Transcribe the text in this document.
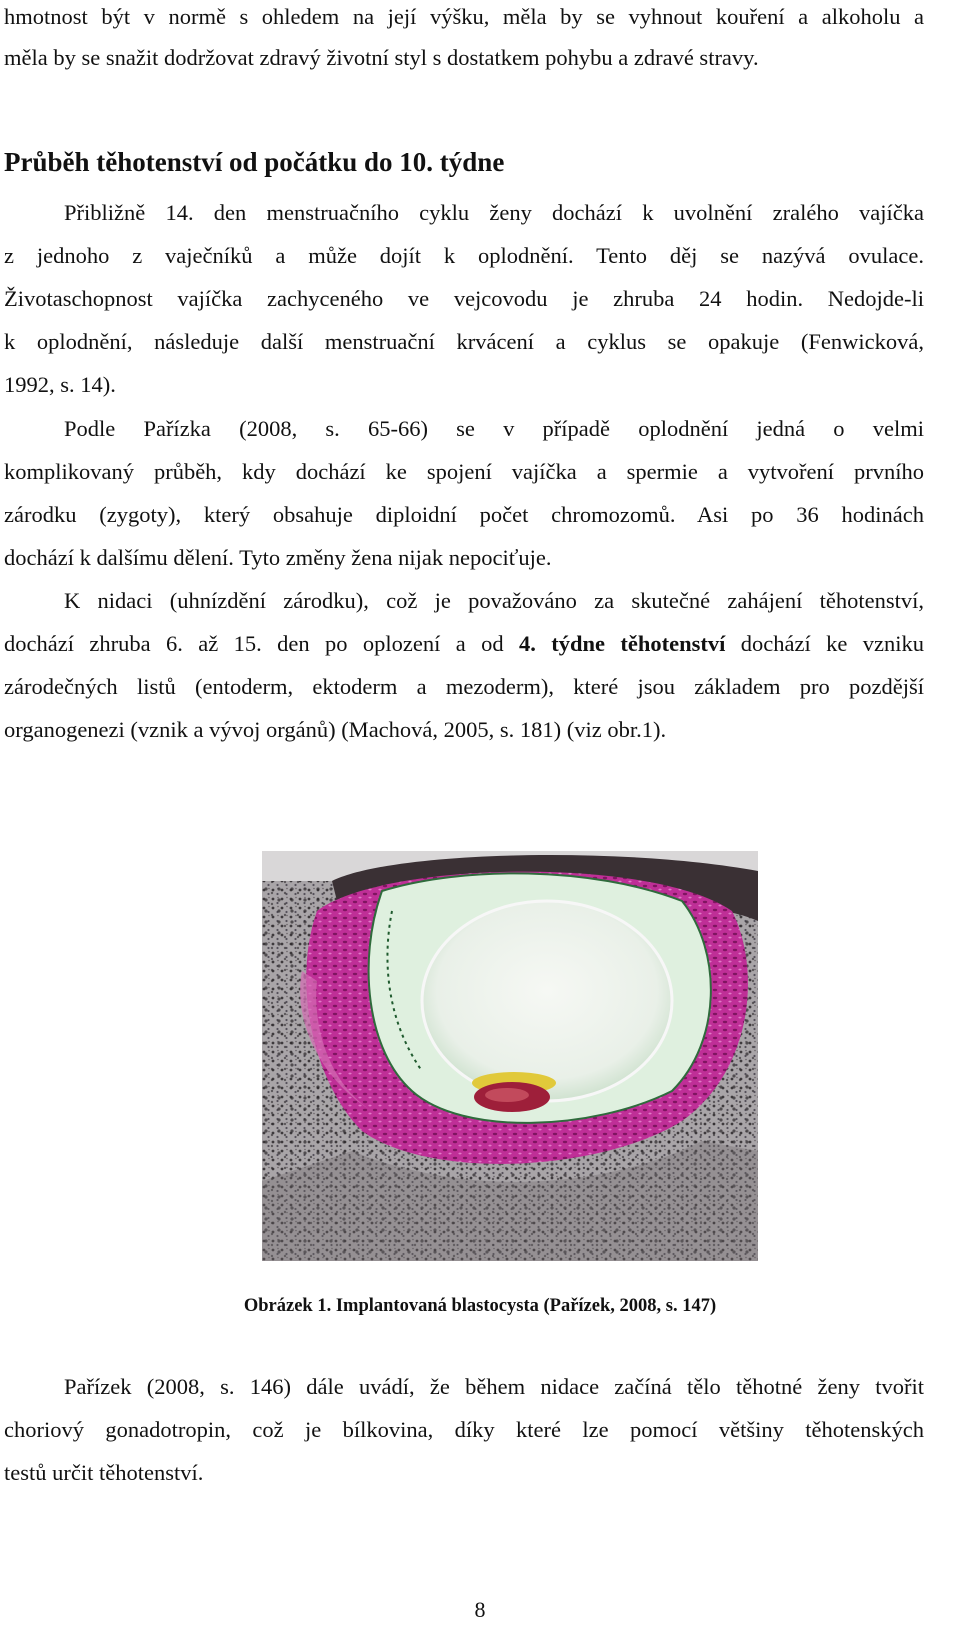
hmotnost být v normě s ohledem na její výšku, měla by se vyhnout kouření a alkoholu a
měla by se snažit dodržovat zdravý životní styl s dostatkem pohybu a zdravé stravy.
Průběh těhotenství od počátku do 10. týdne
Přibližně 14. den menstruačního cyklu ženy dochází k uvolnění zralého vajíčka
z jednoho z vaječníků a může dojít k oplodnění. Tento děj se nazývá ovulace.
Životaschopnost vajíčka zachyceného ve vejcovodu je zhruba 24 hodin. Nedojde-li
k oplodnění, následuje další menstruační krvácení a cyklus se opakuje (Fenwicková,
1992, s. 14).
Podle Pařízka (2008, s. 65-66) se v případě oplodnění jedná o velmi
komplikovaný průběh, kdy dochází ke spojení vajíčka a spermie a vytvoření prvního
zárodku (zygoty), který obsahuje diploidní počet chromozomů. Asi po 36 hodinách
dochází k dalšímu dělení. Tyto změny žena nijak nepociťuje.
K nidaci (uhnízdění zárodku), což je považováno za skutečné zahájení těhotenství,
dochází zhruba 6. až 15. den po oplození a od 4. týdne těhotenství dochází ke vzniku
zárodečných listů (entoderm, ektoderm a mezoderm), které jsou základem pro pozdější
organogenezi (vznik a vývoj orgánů) (Machová, 2005, s. 181) (viz obr.1).
Obrázek 1. Implantovaná blastocysta (Pařízek, 2008, s. 147)
Pařízek (2008, s. 146) dále uvádí, že během nidace začíná tělo těhotné ženy tvořit
choriový gonadotropin, což je bílkovina, díky které lze pomocí většiny těhotenských
testů určit těhotenství.
8
